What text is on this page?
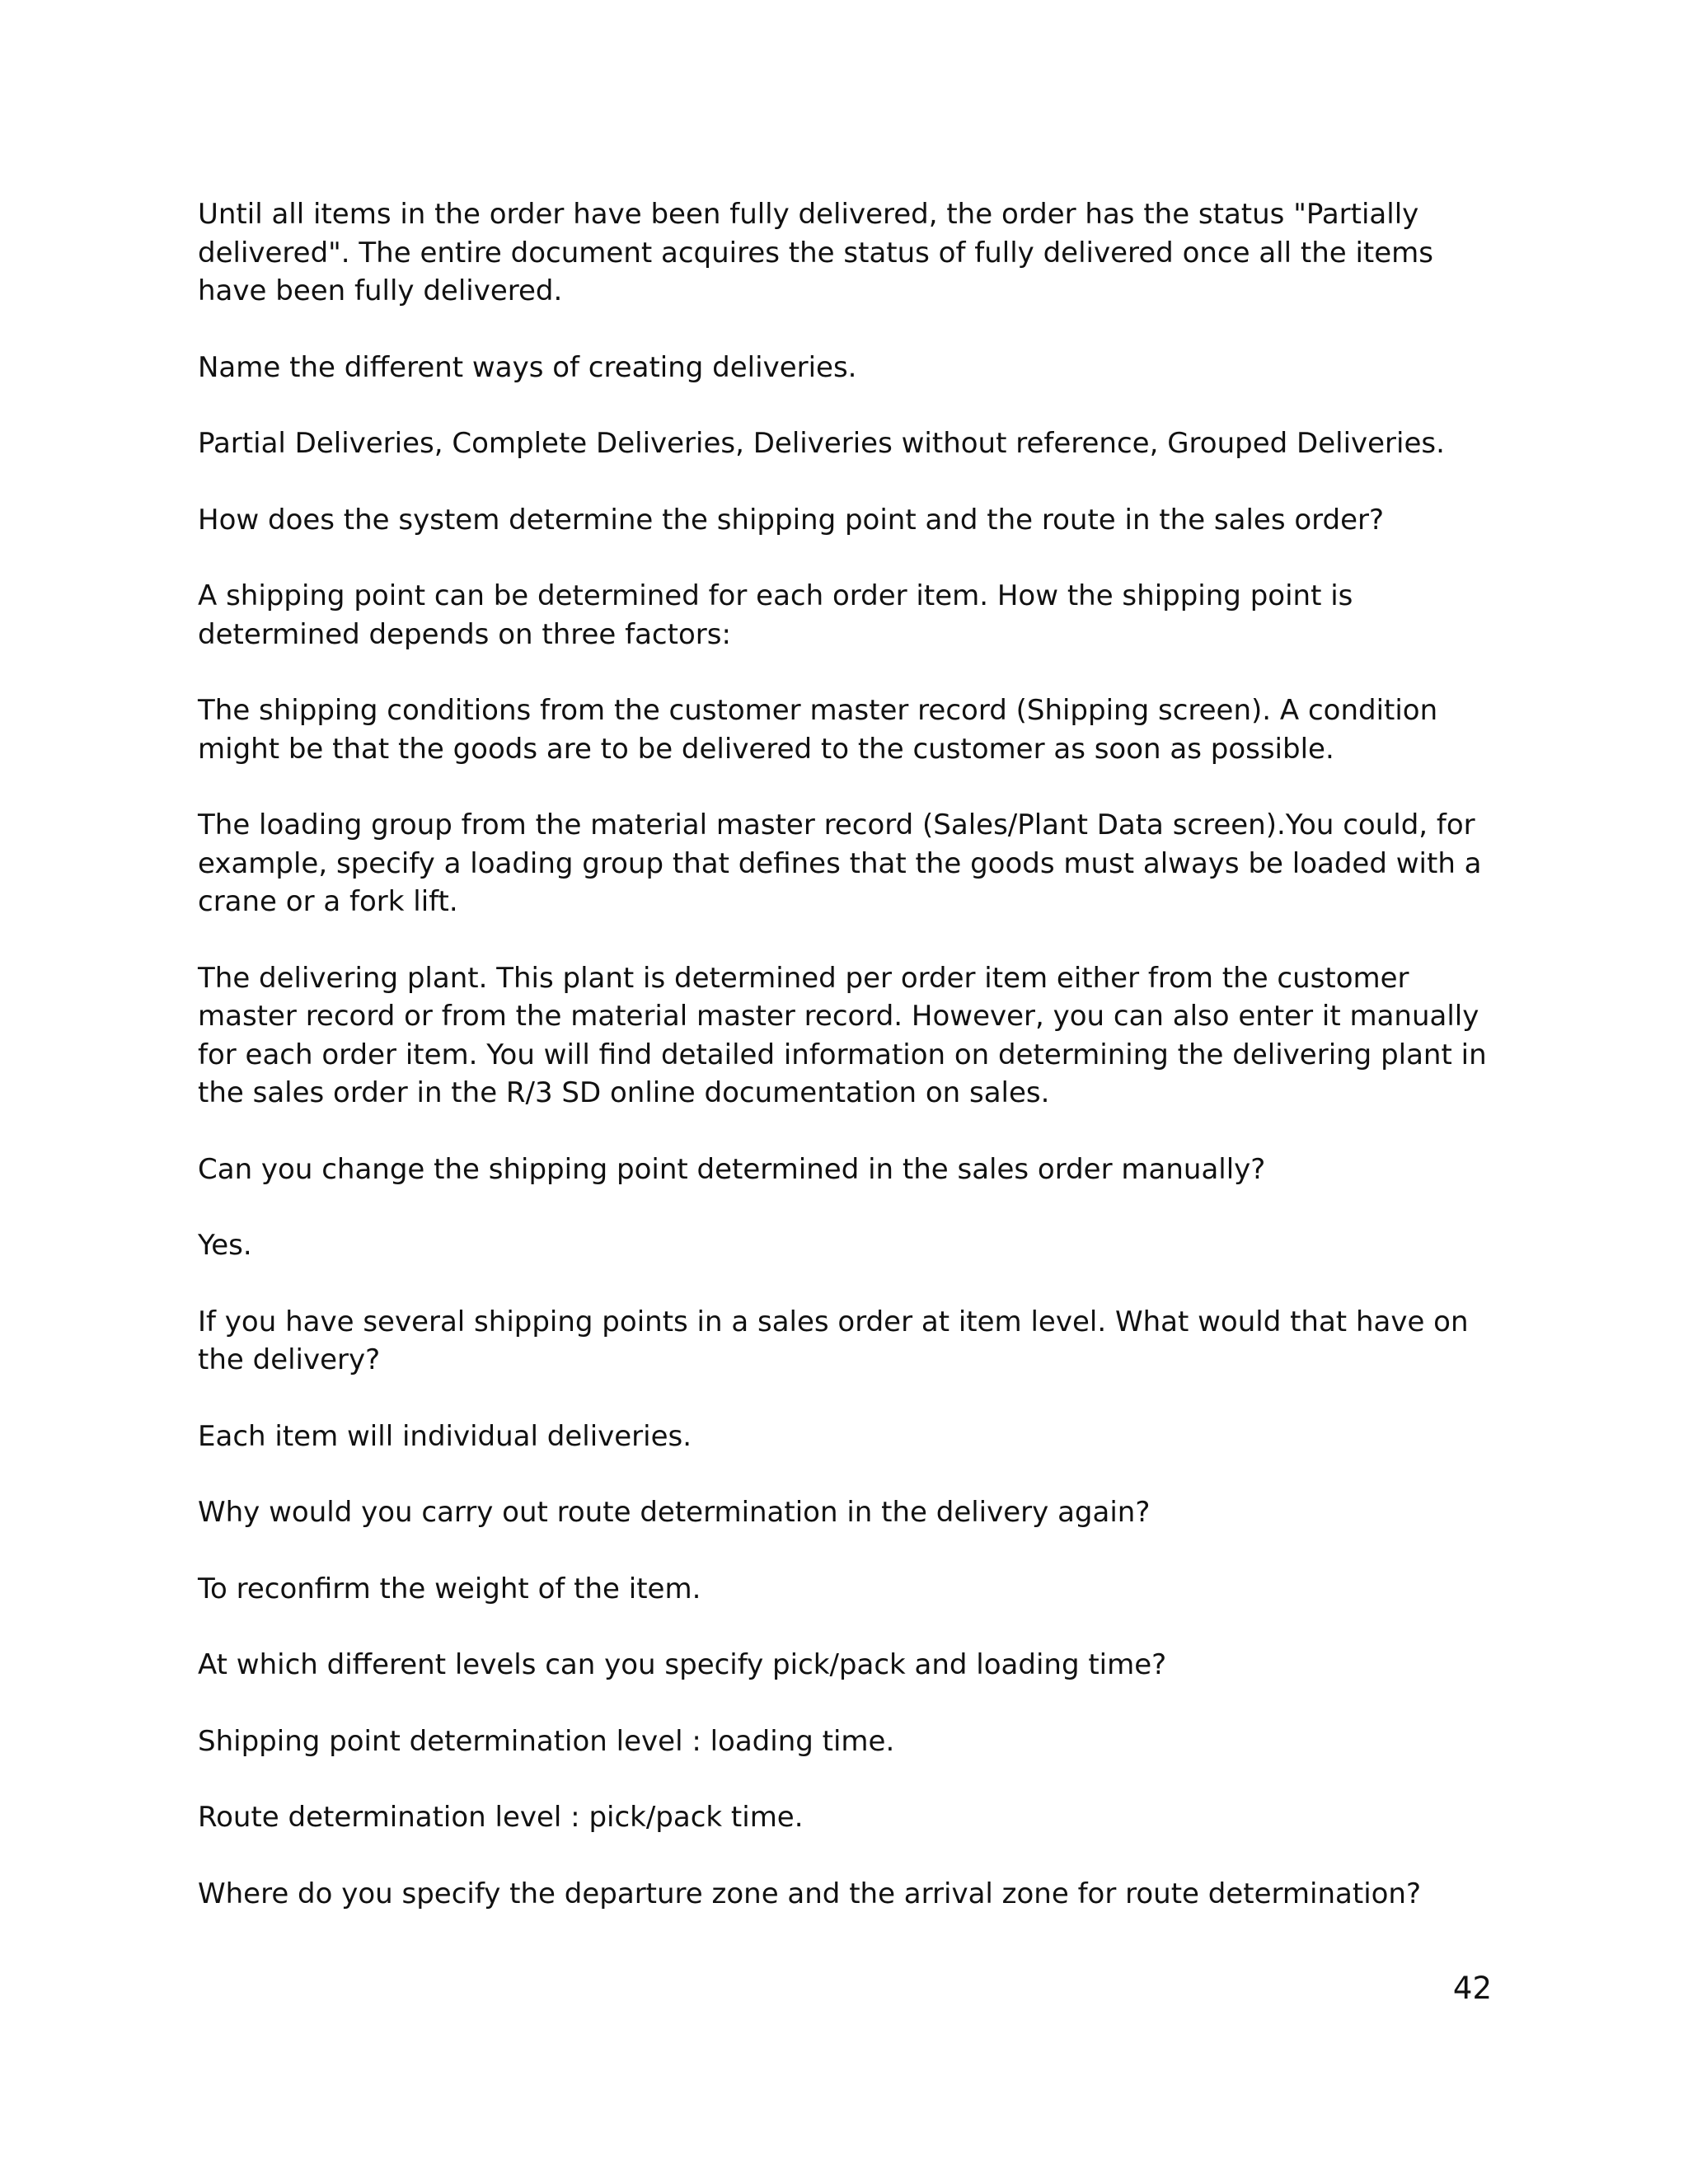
Until all items in the order have been fully delivered, the order has the status "Partially
delivered". The entire document acquires the status of fully delivered once all the items
have been fully delivered.

Name the different ways of creating deliveries.

Partial Deliveries, Complete Deliveries, Deliveries without reference, Grouped Deliveries.

How does the system determine the shipping point and the route in the sales order?

A shipping point can be determined for each order item. How the shipping point is
determined depends on three factors:

The shipping conditions from the customer master record (Shipping screen). A condition
might be that the goods are to be delivered to the customer as soon as possible.

The loading group from the material master record (Sales/Plant Data screen).You could, for
example, specify a loading group that defines that the goods must always be loaded with a
crane or a fork lift.

The delivering plant. This plant is determined per order item either from the customer
master record or from the material master record. However, you can also enter it manually
for each order item. You will find detailed information on determining the delivering plant in
the sales order in the R/3 SD online documentation on sales.

Can you change the shipping point determined in the sales order manually?

Yes.

If you have several shipping points in a sales order at item level. What would that have on
the delivery?

Each item will individual deliveries.

Why would you carry out route determination in the delivery again?

To reconfirm the weight of the item.

At which different levels can you specify pick/pack and loading time?

Shipping point determination level : loading time.

Route determination level : pick/pack time.

Where do you specify the departure zone and the arrival zone for route determination?

42
